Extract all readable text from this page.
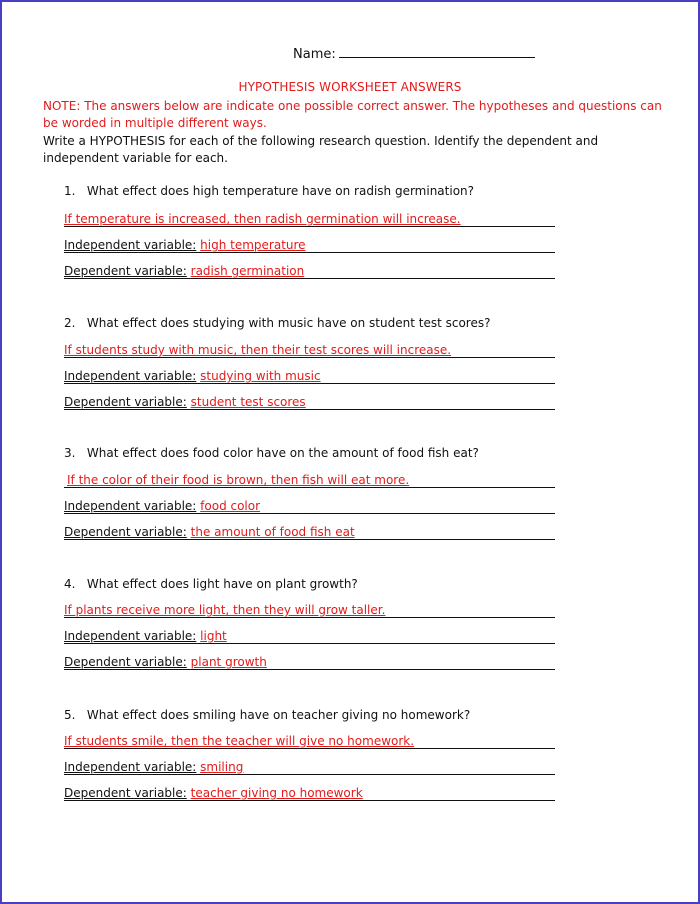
Name:
HYPOTHESIS WORKSHEET ANSWERS
NOTE: The answers below are indicate one possible correct answer. The hypotheses and questions can be worded in multiple different ways.
Write a HYPOTHESIS for each of the following research question. Identify the dependent and independent variable for each.
1. What effect does high temperature have on radish germination?
If temperature is increased, then radish germination will increase.
Independent variable: high temperature
Dependent variable: radish germination
2. What effect does studying with music have on student test scores?
If students study with music, then their test scores will increase.
Independent variable: studying with music
Dependent variable: student test scores
3. What effect does food color have on the amount of food fish eat?
If the color of their food is brown, then fish will eat more.
Independent variable: food color
Dependent variable: the amount of food fish eat
4. What effect does light have on plant growth?
If plants receive more light, then they will grow taller.
Independent variable: light
Dependent variable: plant growth
5. What effect does smiling have on teacher giving no homework?
If students smile, then the teacher will give no homework.
Independent variable: smiling
Dependent variable: teacher giving no homework
